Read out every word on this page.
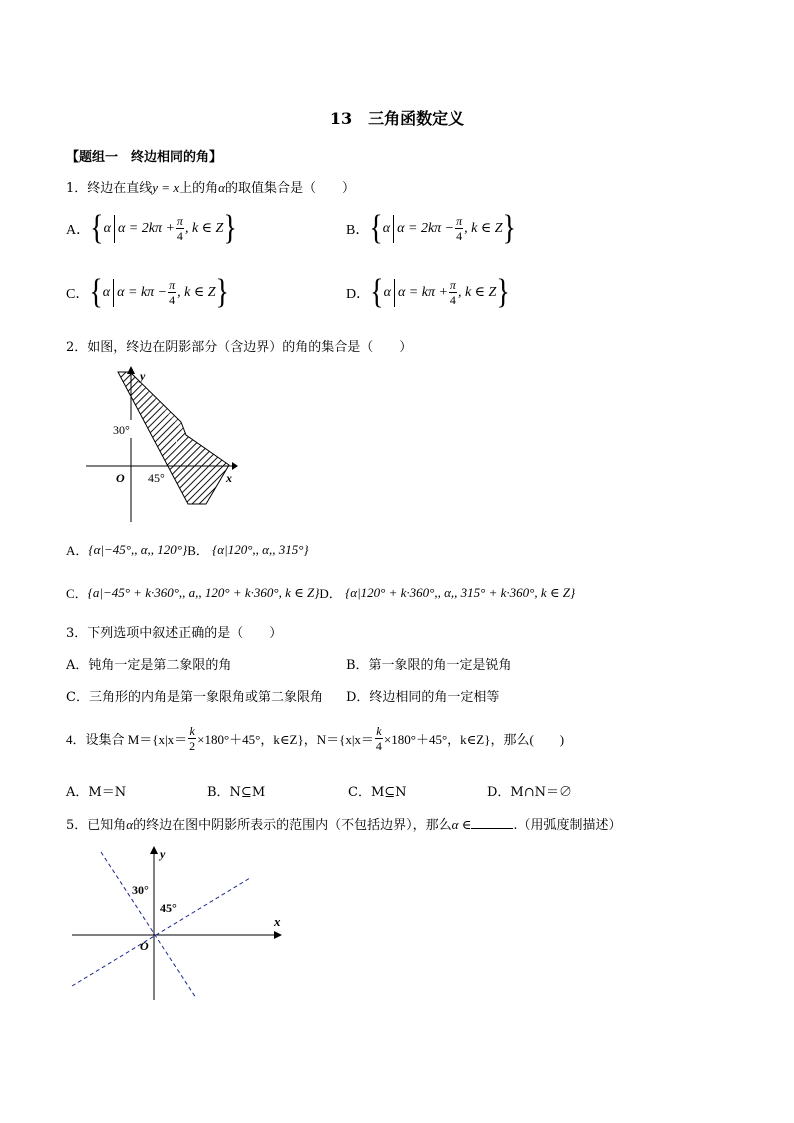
13　三角函数定义
【题组一　终边相同的角】
1．终边在直线y = x上的角α的取值集合是（　　）
A． { α $\alpha = 2k\pi + \frac{\pi}{4}$ , k ∈ Z }	B． { α $\alpha = 2k\pi - \frac{\pi}{4}$ , k ∈ Z }
C． { α $\alpha = k\pi - \frac{\pi}{4}$ , k ∈ Z }	D． { α $\alpha = k\pi + \frac{\pi}{4}$ , k ∈ Z }
2．如图，终边在阴影部分（含边界）的角的集合是（　　）
y
x
O
30°
45°
1
A． {α|−45°,, α,, 120°} B．
{α|120°,, α,, 315°}
C． {a|−45° + k·360°,, a,, 120° + k·360°, k ∈ Z} D．
{α|120° + k·360°,, α,, 315° + k·360°, k ∈ Z}
3．下列选项中叙述正确的是（　　）
A．钝角一定是第二象限的角	B．第一象限的角一定是锐角
C．三角形的内角是第一象限角或第二象限角 D．终边相同的角一定相等
4．设集合 $M=\{x|x= \frac{k}{2} \times 180^\circ+45^\circ$，k∈Z}，$N=\{x|x= \frac{k}{4} \times 180^\circ+45^\circ$，k∈Z}，那么(　　)
A．M＝N	B．N⊆M	C．M⊆N	D．M∩N＝∅
5．已知角α的终边在图中阴影所表示的范围内（不包括边界），那么α ∈	.（用弧度制描述）
y
x
O
30°
45°
